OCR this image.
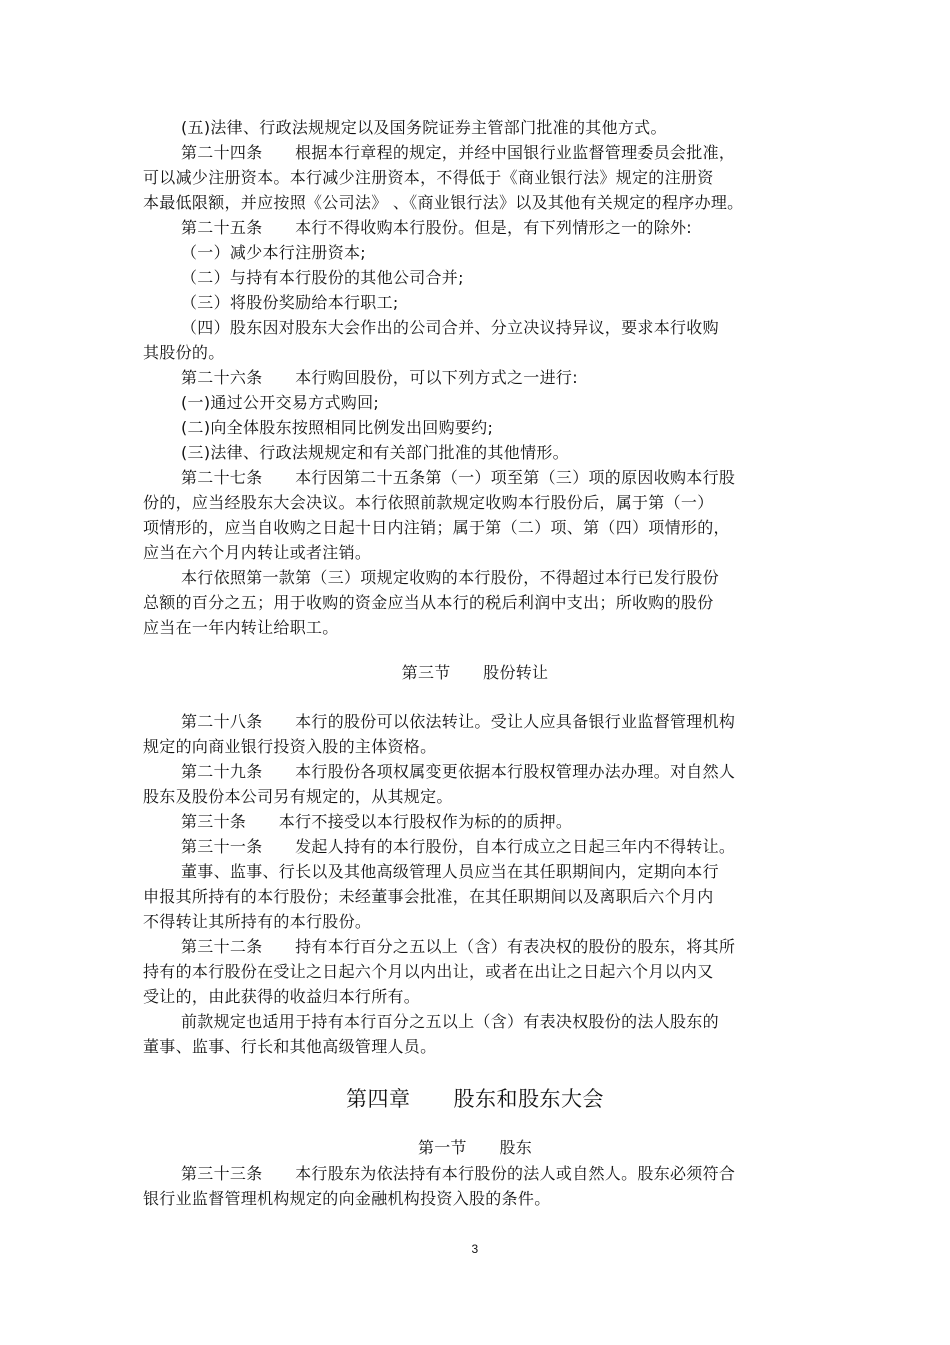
(五)法律、行政法规规定以及国务院证券主管部门批准的其他方式。
第二十四条　　根据本行章程的规定，并经中国银行业监督管理委员会批准，
可以减少注册资本。本行减少注册资本，不得低于《商业银行法》规定的注册资
本最低限额，并应按照《公司法》 、《商业银行法》以及其他有关规定的程序办理。
第二十五条　　本行不得收购本行股份。但是，有下列情形之一的除外:
（一）减少本行注册资本;
（二）与持有本行股份的其他公司合并;
（三）将股份奖励给本行职工;
（四）股东因对股东大会作出的公司合并、分立决议持异议，要求本行收购
其股份的。
第二十六条　　本行购回股份，可以下列方式之一进行:
(一)通过公开交易方式购回;
(二)向全体股东按照相同比例发出回购要约;
(三)法律、行政法规规定和有关部门批准的其他情形。
第二十七条　　本行因第二十五条第（一）项至第（三）项的原因收购本行股
份的，应当经股东大会决议。本行依照前款规定收购本行股份后，属于第（一）
项情形的，应当自收购之日起十日内注销；属于第（二）项、第（四）项情形的，
应当在六个月内转让或者注销。
本行依照第一款第（三）项规定收购的本行股份，不得超过本行已发行股份
总额的百分之五；用于收购的资金应当从本行的税后利润中支出；所收购的股份
应当在一年内转让给职工。
第三节　　股份转让
第二十八条　　本行的股份可以依法转让。受让人应具备银行业监督管理机构
规定的向商业银行投资入股的主体资格。
第二十九条　　本行股份各项权属变更依据本行股权管理办法办理。对自然人
股东及股份本公司另有规定的，从其规定。
第三十条　　本行不接受以本行股权作为标的的质押。
第三十一条　　发起人持有的本行股份，自本行成立之日起三年内不得转让。
董事、监事、行长以及其他高级管理人员应当在其任职期间内，定期向本行
申报其所持有的本行股份；未经董事会批准，在其任职期间以及离职后六个月内
不得转让其所持有的本行股份。
第三十二条　　持有本行百分之五以上（含）有表决权的股份的股东，将其所
持有的本行股份在受让之日起六个月以内出让，或者在出让之日起六个月以内又
受让的，由此获得的收益归本行所有。
前款规定也适用于持有本行百分之五以上（含）有表决权股份的法人股东的
董事、监事、行长和其他高级管理人员。
第四章　　股东和股东大会
第一节　　股东
第三十三条　　本行股东为依法持有本行股份的法人或自然人。股东必须符合
银行业监督管理机构规定的向金融机构投资入股的条件。
3
